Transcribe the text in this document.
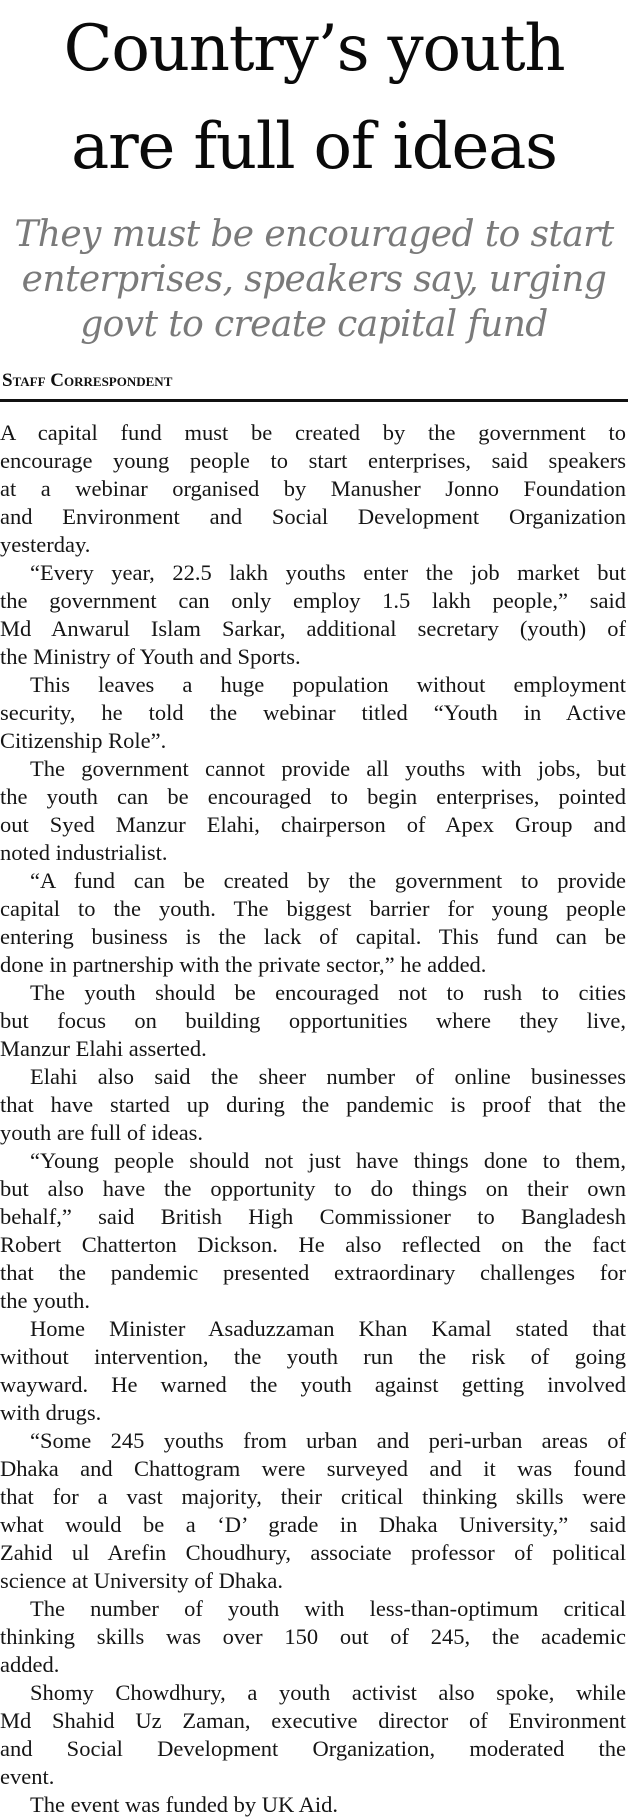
Country’s youth
are full of ideas
They must be encouraged to start
enterprises, speakers say, urging
govt to create capital fund
Staff Correspondent
A capital fund must be created by the government to
encourage young people to start enterprises, said speakers
at a webinar organised by Manusher Jonno Foundation
and Environment and Social Development Organization
yesterday.
“Every year, 22.5 lakh youths enter the job market but
the government can only employ 1.5 lakh people,” said
Md Anwarul Islam Sarkar, additional secretary (youth) of
the Ministry of Youth and Sports.
This leaves a huge population without employment
security, he told the webinar titled “Youth in Active
Citizenship Role”.
The government cannot provide all youths with jobs, but
the youth can be encouraged to begin enterprises, pointed
out Syed Manzur Elahi, chairperson of Apex Group and
noted industrialist.
“A fund can be created by the government to provide
capital to the youth. The biggest barrier for young people
entering business is the lack of capital. This fund can be
done in partnership with the private sector,” he added.
The youth should be encouraged not to rush to cities
but focus on building opportunities where they live,
Manzur Elahi asserted.
Elahi also said the sheer number of online businesses
that have started up during the pandemic is proof that the
youth are full of ideas.
“Young people should not just have things done to them,
but also have the opportunity to do things on their own
behalf,” said British High Commissioner to Bangladesh
Robert Chatterton Dickson. He also reflected on the fact
that the pandemic presented extraordinary challenges for
the youth.
Home Minister Asaduzzaman Khan Kamal stated that
without intervention, the youth run the risk of going
wayward. He warned the youth against getting involved
with drugs.
“Some 245 youths from urban and peri-urban areas of
Dhaka and Chattogram were surveyed and it was found
that for a vast majority, their critical thinking skills were
what would be a ‘D’ grade in Dhaka University,” said
Zahid ul Arefin Choudhury, associate professor of political
science at University of Dhaka.
The number of youth with less-than-optimum critical
thinking skills was over 150 out of 245, the academic
added.
Shomy Chowdhury, a youth activist also spoke, while
Md Shahid Uz Zaman, executive director of Environment
and Social Development Organization, moderated the
event.
The event was funded by UK Aid.
